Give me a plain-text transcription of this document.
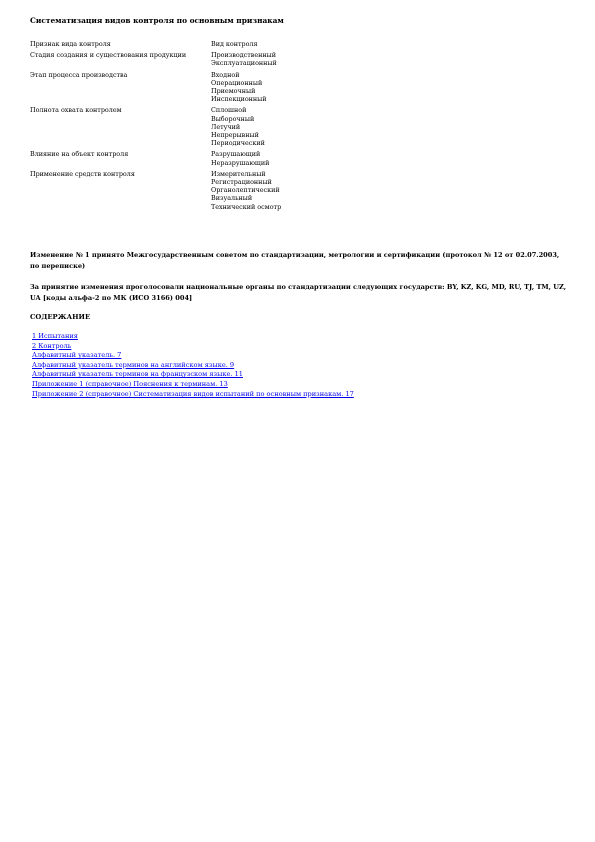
Систематизация видов контроля по основным признакам
Признак вида контроля	Вид контроля
Стадия создания и существования продукции	Производственный
Эксплуатационный

Этап процесса производства	Входной
Операционный
Приемочный
Инспекционный

Полнота охвата контролем	Сплошной
Выборочный
Летучий
Непрерывный
Периодический

Влияние на объект контроля	Разрушающий
Неразрушающий

Применение средств контроля	Измерительный
Регистрационный
Органолептический
Визуальный
Технический осмотр
Изменение № 1 принято Межгосударственным советом по стандартизации, метрологии и сертификации (протокол № 12 от 02.07.2003, по переписке)
За принятие изменения проголосовали национальные органы по стандартизации следующих государств: BY, KZ, KG, MD, RU, TJ, TM, UZ, UA [коды альфа-2 по МК (ИСО 3166) 004]
СОДЕРЖАНИЕ
1 Испытания
2 Контроль
Алфавитный указатель. 7
Алфавитный указатель терминов на английском языке. 9
Алфавитный указатель терминов на французском языке. 11
Приложение 1 (справочное) Пояснения к терминам. 13
Приложение 2 (справочное) Систематизация видов испытаний по основным признакам. 17
